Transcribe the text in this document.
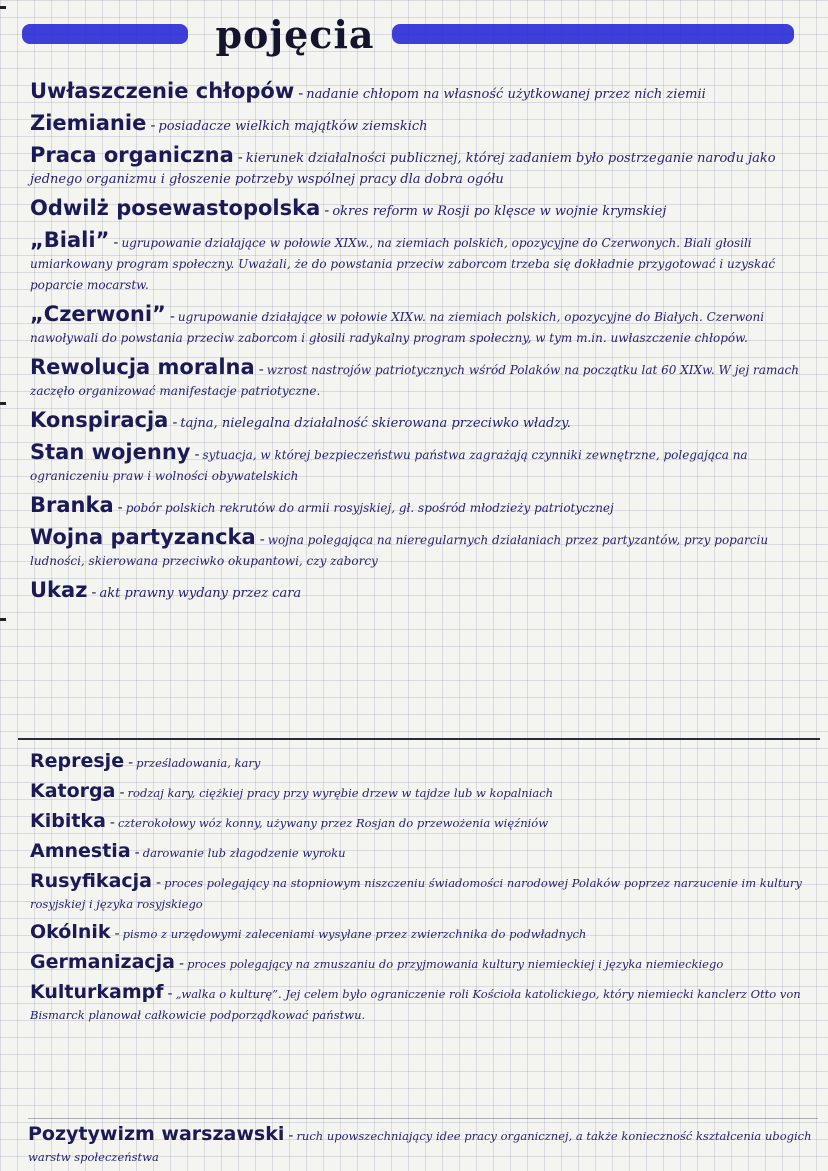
pojęcia
Uwłaszczenie chłopów - nadanie chłopom na własność użytkowanej przez nich ziemii
Ziemianie - posiadacze wielkich majątków ziemskich
Praca organiczna - kierunek działalności publicznej, której zadaniem było postrzeganie narodu jako jednego organizmu i głoszenie potrzeby wspólnej pracy dla dobra ogółu
Odwilż posewastopolska - okres reform w Rosji po klęsce w wojnie krymskiej
„Biali” - ugrupowanie działające w połowie XIXw., na ziemiach polskich, opozycyjne do Czerwonych. Biali głosili umiarkowany program społeczny. Uważali, że do powstania przeciw zaborcom trzeba się dokładnie przygotować i uzyskać poparcie mocarstw.
„Czerwoni” - ugrupowanie działające w połowie XIXw. na ziemiach polskich, opozycyjne do Białych. Czerwoni nawoływali do powstania przeciw zaborcom i głosili radykalny program społeczny, w tym m.in. uwłaszczenie chłopów.
Rewolucja moralna - wzrost nastrojów patriotycznych wśród Polaków na początku lat 60 XIXw. W jej ramach zaczęło organizować manifestacje patriotyczne.
Konspiracja - tajna, nielegalna działalność skierowana przeciwko władzy.
Stan wojenny - sytuacja, w której bezpieczeństwu państwa zagrażają czynniki zewnętrzne, polegająca na ograniczeniu praw i wolności obywatelskich
Branka - pobór polskich rekrutów do armii rosyjskiej, gł. spośród młodzieży patriotycznej
Wojna partyzancka - wojna polegająca na nieregularnych działaniach przez partyzantów, przy poparciu ludności, skierowana przeciwko okupantowi, czy zaborcy
Ukaz - akt prawny wydany przez cara
Represje - prześladowania, kary
Katorga - rodzaj kary, ciężkiej pracy przy wyrębie drzew w tajdze lub w kopalniach
Kibitka - czterokołowy wóz konny, używany przez Rosjan do przewożenia więźniów
Amnestia - darowanie lub złagodzenie wyroku
Rusyfikacja - proces polegający na stopniowym niszczeniu świadomości narodowej Polaków poprzez narzucenie im kultury rosyjskiej i języka rosyjskiego
Okólnik - pismo z urzędowymi zaleceniami wysyłane przez zwierzchnika do podwładnych
Germanizacja - proces polegający na zmuszaniu do przyjmowania kultury niemieckiej i języka niemieckiego
Kulturkampf - „walka o kulturę”. Jej celem było ograniczenie roli Kościoła katolickiego, który niemiecki kanclerz Otto von Bismarck planował całkowicie podporządkować państwu.
Pozytywizm warszawski - ruch upowszechniający idee pracy organicznej, a także konieczność kształcenia ubogich warstw społeczeństwa
